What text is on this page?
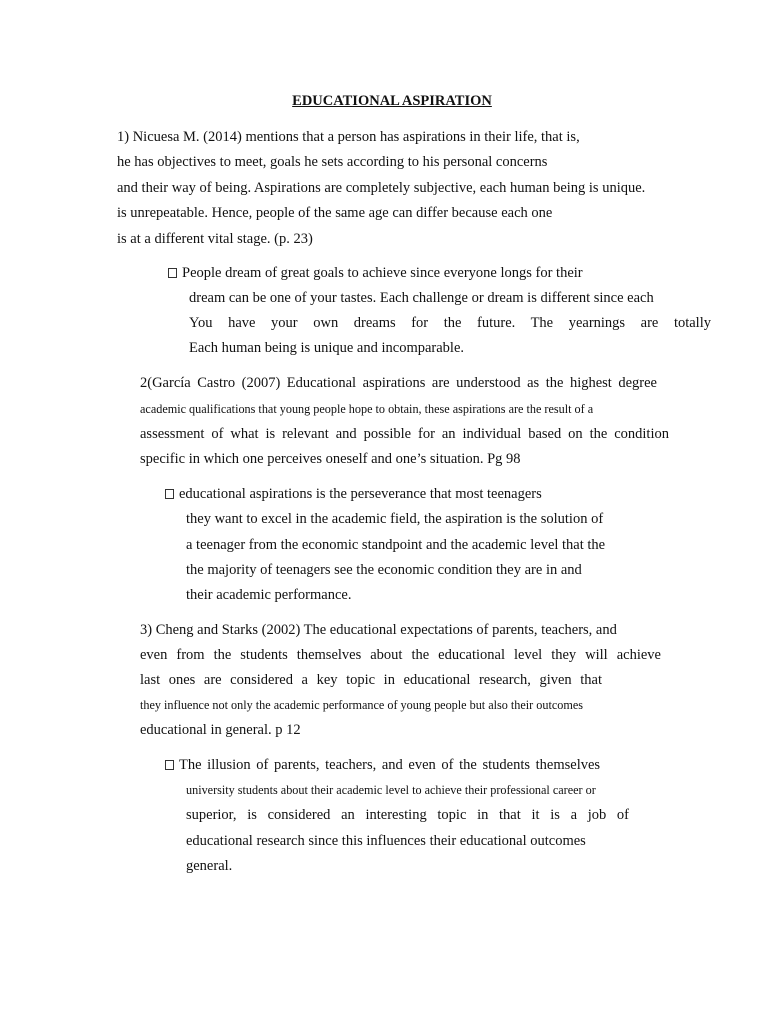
EDUCATIONAL ASPIRATION
1) Nicuesa M. (2014) mentions that a person has aspirations in their life, that is,
he has objectives to meet, goals he sets according to his personal concerns
and their way of being. Aspirations are completely subjective, each human being is unique.
is unrepeatable. Hence, people of the same age can differ because each one
is at a different vital stage. (p. 23)
People dream of great goals to achieve since everyone longs for their
dream can be one of your tastes. Each challenge or dream is different since each
You have your own dreams for the future. The yearnings are totally
Each human being is unique and incomparable.
2(García Castro (2007) Educational aspirations are understood as the highest degree
academic qualifications that young people hope to obtain, these aspirations are the result of a
assessment of what is relevant and possible for an individual based on the condition
specific in which one perceives oneself and one’s situation. Pg 98
educational aspirations is the perseverance that most teenagers
they want to excel in the academic field, the aspiration is the solution of
a teenager from the economic standpoint and the academic level that the
the majority of teenagers see the economic condition they are in and
their academic performance.
3) Cheng and Starks (2002) The educational expectations of parents, teachers, and
even from the students themselves about the educational level they will achieve
last ones are considered a key topic in educational research, given that
they influence not only the academic performance of young people but also their outcomes
educational in general. p 12
The illusion of parents, teachers, and even of the students themselves
university students about their academic level to achieve their professional career or
superior, is considered an interesting topic in that it is a job of
educational research since this influences their educational outcomes
general.
